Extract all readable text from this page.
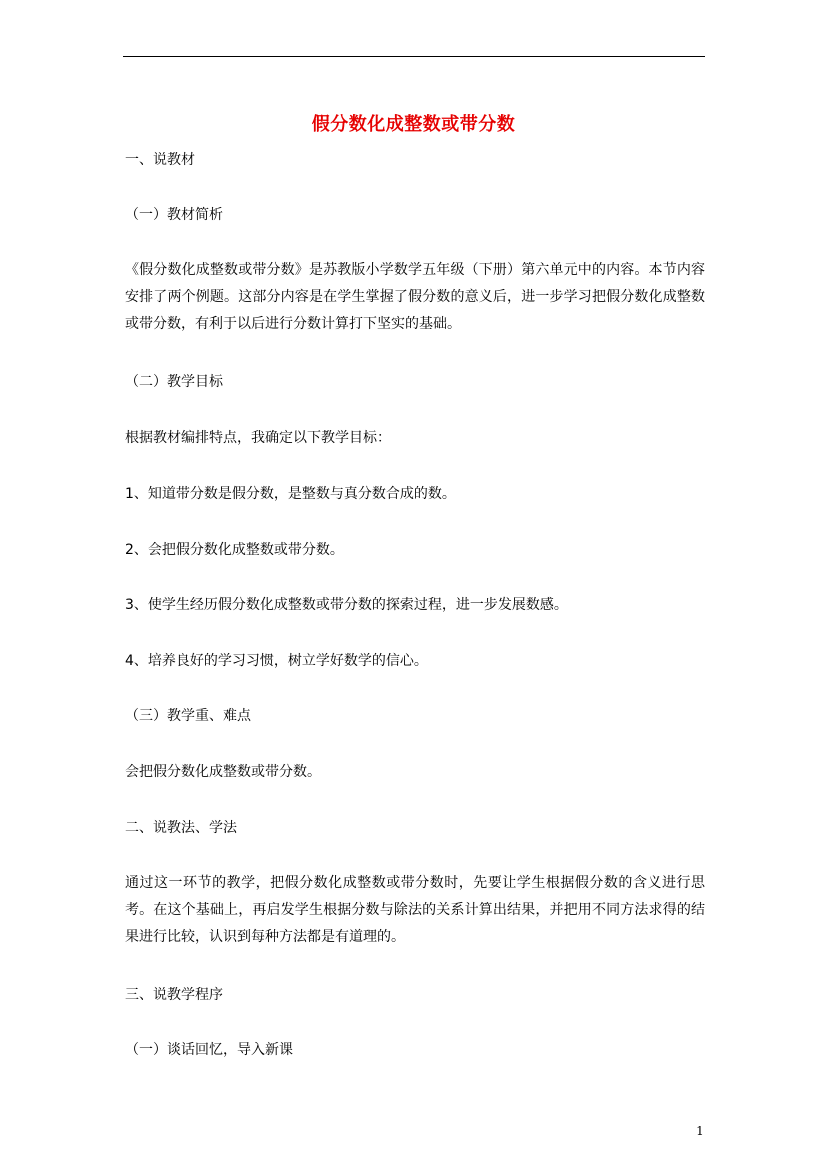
假分数化成整数或带分数
一、说教材
（一）教材简析
《假分数化成整数或带分数》是苏教版小学数学五年级（下册）第六单元中的内容。本节内容安排了两个例题。这部分内容是在学生掌握了假分数的意义后，进一步学习把假分数化成整数或带分数，有利于以后进行分数计算打下坚实的基础。
（二）教学目标
根据教材编排特点，我确定以下教学目标：
1、知道带分数是假分数，是整数与真分数合成的数。
2、会把假分数化成整数或带分数。
3、使学生经历假分数化成整数或带分数的探索过程，进一步发展数感。
4、培养良好的学习习惯，树立学好数学的信心。
（三）教学重、难点
会把假分数化成整数或带分数。
二、说教法、学法
通过这一环节的教学，把假分数化成整数或带分数时，先要让学生根据假分数的含义进行思考。在这个基础上，再启发学生根据分数与除法的关系计算出结果，并把用不同方法求得的结果进行比较，认识到每种方法都是有道理的。
三、说教学程序
（一）谈话回忆，导入新课
1
